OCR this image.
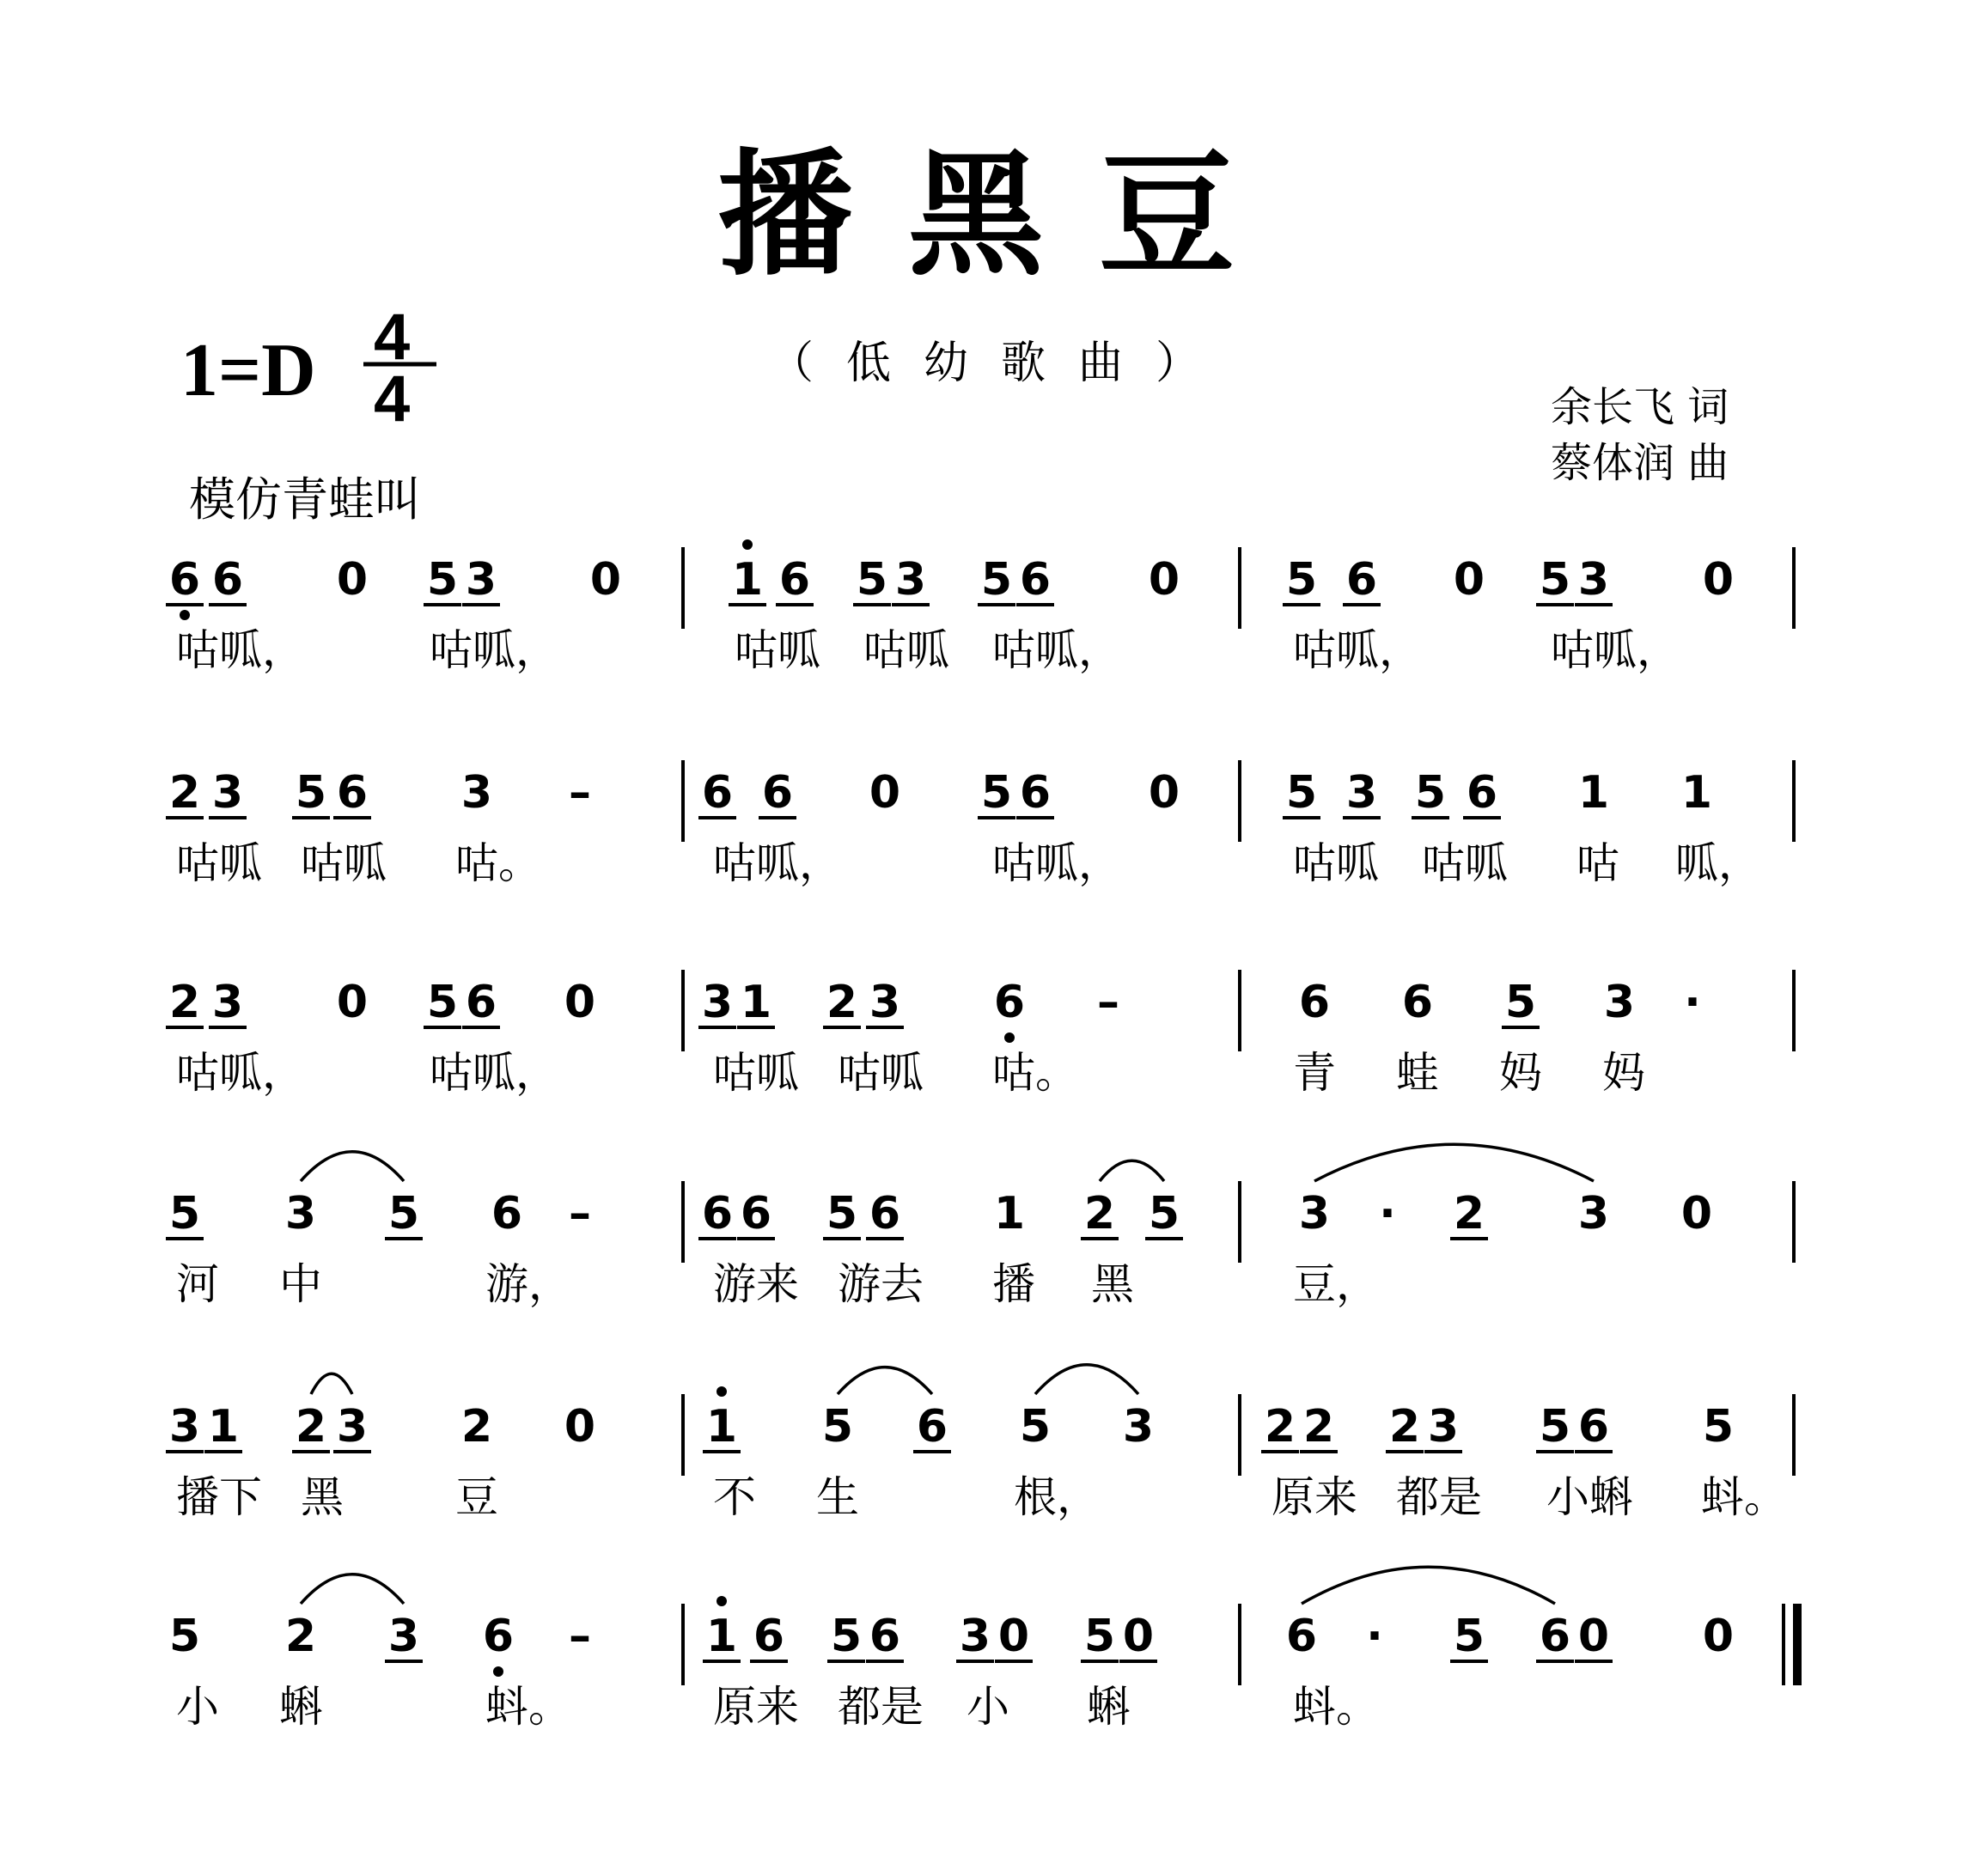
播黑豆
1=D 4
4	（低幼歌曲）
余长飞 词
蔡体润 曲
模仿青蛙叫
6 6 0 5 3 0
咕呱，	咕呱，
1 6 5 3 5 6 0
咕呱 咕呱 咕呱，
5 6 0 5 3 0
咕呱，	咕呱，
2 3 5 6 3 –
咕呱 咕呱 咕。
6 6 0 5 6 0
咕呱，	咕呱，
5 3 5 6 1 1
咕呱 咕呱 咕 呱，
2 3 0 5 6 0
咕呱，	咕呱，
3 1 2 3 6 –
咕呱 咕呱 咕。
6 6 5 3 ·
青 蛙 妈 妈
5 3 5 6 –
河 中	游，
6 6 5 6 1 2 5
游来 游去 播 黑
3 · 2 3 0
豆，
3 1 2 3 2 0
播下 黑	豆
1 5 6 5 3
不 生	根，
2 2 2 3 5 6 5
原来 都是 小蝌 蚪。
5 2 3 6 –
小 蝌	蚪。
1 6 5 6 3 0 5 0
原来 都是 小 蝌
6 · 5 6 0 0
蚪。
